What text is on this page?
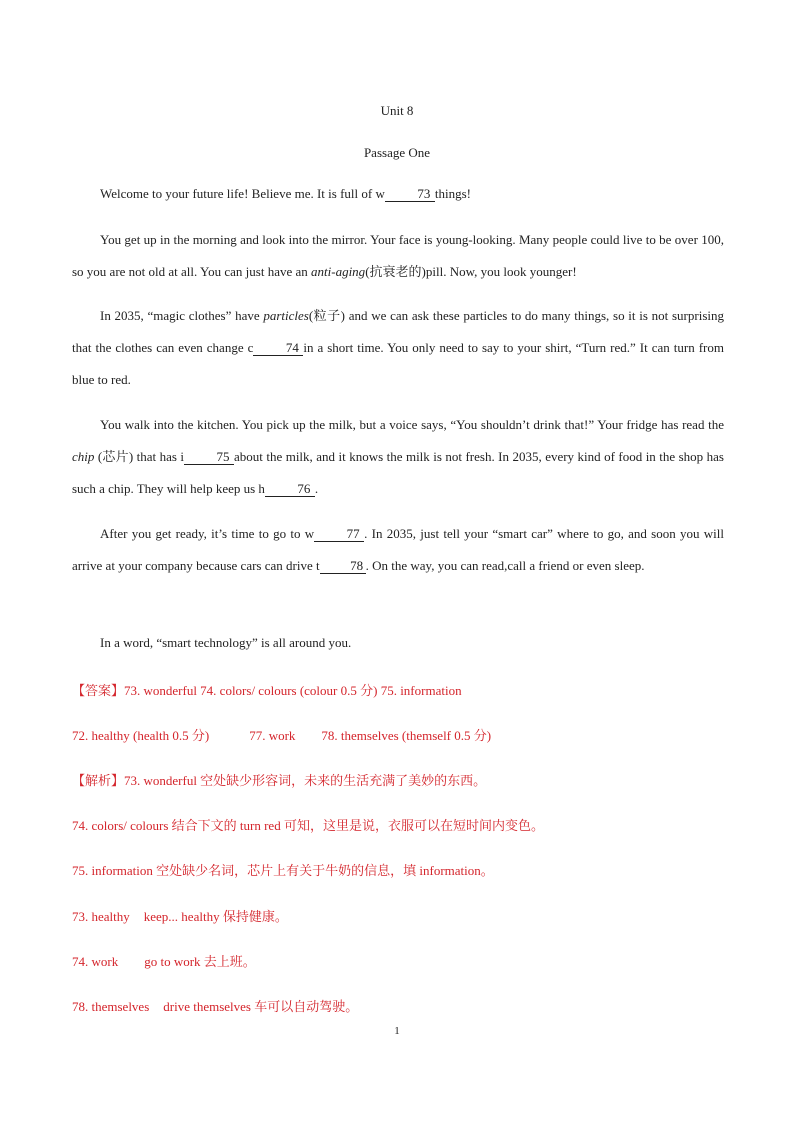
Unit 8
Passage One
Welcome to your future life! Believe me. It is full of w	73 things!
You get up in the morning and look into the mirror. Your face is young-looking. Many people could live to be over 100, so you are not old at all. You can just have an anti-aging(抗衰老的)pill. Now, you look younger!
In 2035, “magic clothes” have particles(粒子) and we can ask these particles to do many things, so it is not surprising that the clothes can even change c	74 in a short time. You only need to say to your shirt, “Turn red.” It can turn from blue to red.
You walk into the kitchen. You pick up the milk, but a voice says, “You shouldn’t drink that!” Your fridge has read the chip (芯片) that has i	75 about the milk, and it knows the milk is not fresh. In 2035, every kind of food in the shop has such a chip. They will help keep us h	76 .
After you get ready, it’s time to go to w	77 . In 2035, just tell your “smart car” where to go, and soon you will arrive at your company because cars can drive t 78 . On the way, you can read,call a friend or even sleep.
In a word, “smart technology” is all around you.
【答案】73. wonderful 74. colors/ colours (colour 0.5 分) 75. information
72. healthy (health 0.5 分)	77. work 78. themselves (themself 0.5 分)
【解析】73. wonderful 空处缺少形容词，未来的生活充满了美妙的东西。
74. colors/ colours 结合下文的 turn red 可知，这里是说，衣服可以在短时间内变色。
75. information 空处缺少名词，芯片上有关于牛奶的信息，填 information。
73. healthy keep... healthy 保持健康。
74. work go to work 去上班。
78. themselves drive themselves 车可以自动驾驶。
1
